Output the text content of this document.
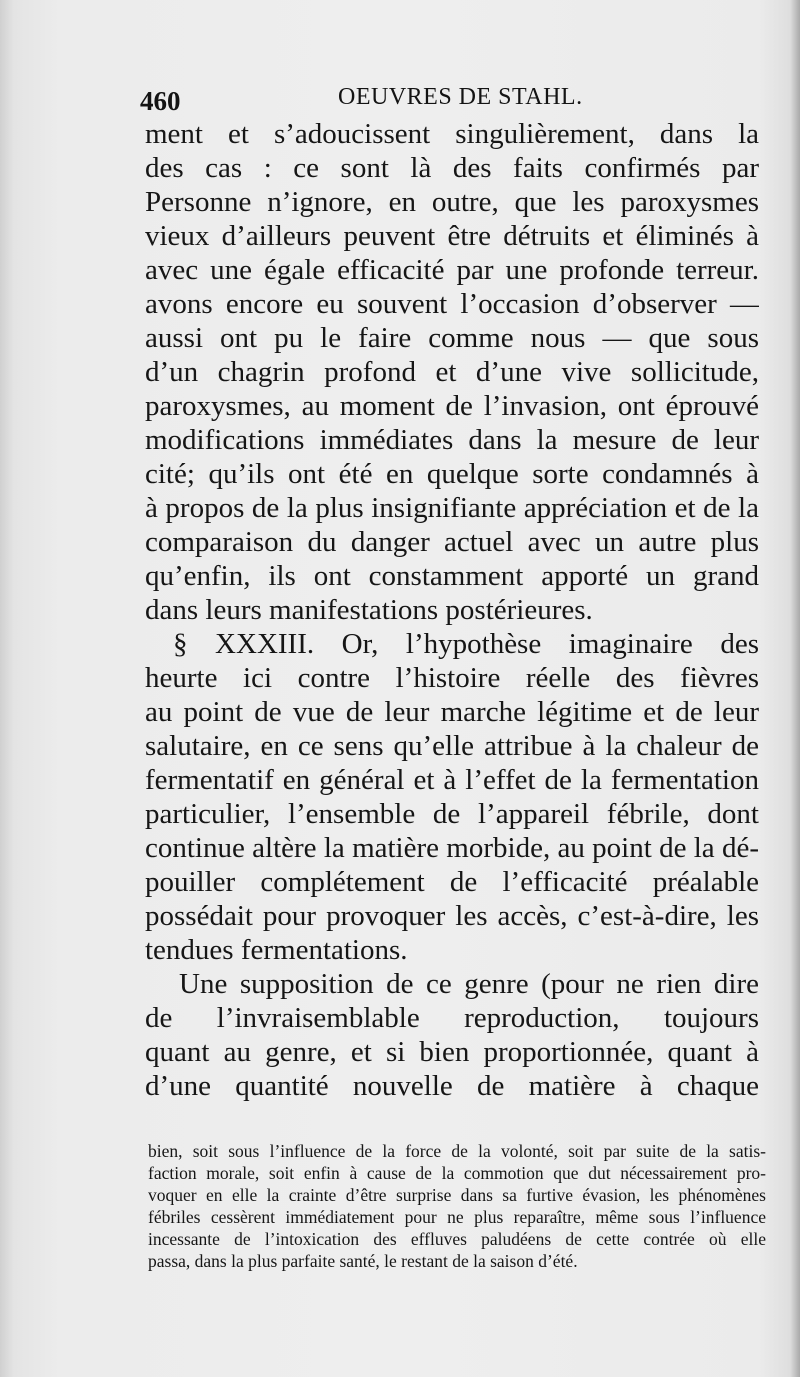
460	OEUVRES DE STAHL.
ment et s’adoucissent singulièrement, dans la
des cas : ce sont là des faits confirmés par
Personne n’ignore, en outre, que les paroxysmes
vieux d’ailleurs peuvent être détruits et éliminés à
avec une égale efficacité par une profonde terreur.
avons encore eu souvent l’occasion d’observer —
aussi ont pu le faire comme nous — que sous
d’un chagrin profond et d’une vive sollicitude,
paroxysmes, au moment de l’invasion, ont éprouvé
modifications immédiates dans la mesure de leur
cité; qu’ils ont été en quelque sorte condamnés à
à propos de la plus insignifiante appréciation et de la
comparaison du danger actuel avec un autre plus
qu’enfin, ils ont constamment apporté un grand
dans leurs manifestations postérieures.
§ XXXIII. Or, l’hypothèse imaginaire des
heurte ici contre l’histoire réelle des fièvres
au point de vue de leur marche légitime et de leur
salutaire, en ce sens qu’elle attribue à la chaleur de
fermentatif en général et à l’effet de la fermentation
particulier, l’ensemble de l’appareil fébrile, dont
continue altère la matière morbide, au point de la dé-
pouiller complétement de l’efficacité préalable
possédait pour provoquer les accès, c’est-à-dire, les
tendues fermentations.
Une supposition de ce genre (pour ne rien dire
de l’invraisemblable reproduction, toujours
quant au genre, et si bien proportionnée, quant à
d’une quantité nouvelle de matière à chaque
bien, soit sous l’influence de la force de la volonté, soit par suite de la satis-
faction morale, soit enfin à cause de la commotion que dut nécessairement pro-
voquer en elle la crainte d’être surprise dans sa furtive évasion, les phénomènes
fébriles cessèrent immédiatement pour ne plus reparaître, même sous l’influence
incessante de l’intoxication des effluves paludéens de cette contrée où elle
passa, dans la plus parfaite santé, le restant de la saison d’été.
